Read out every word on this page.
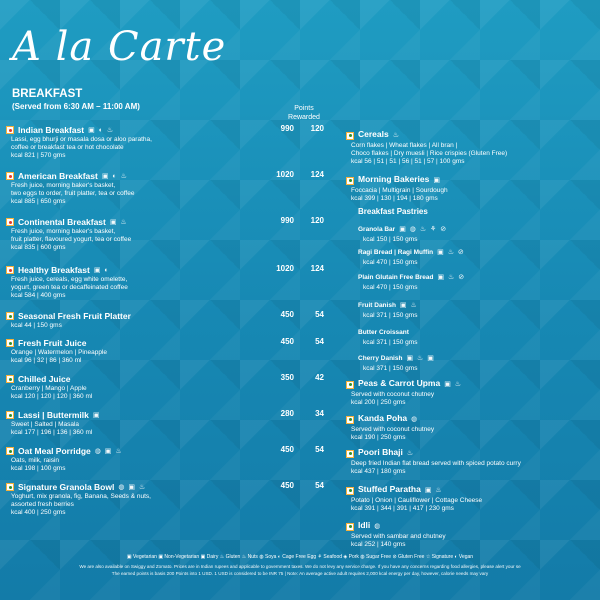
A la Carte
BREAKFAST
(Served from 6:30 AM – 11:00 AM)	Points
Rewarded
Indian Breakfast ▣ ◐ ♨
Lassi, egg bhurji or masala dosa or aloo paratha,
coffee or breakfast tea or hot chocolate
kcal 821 | 570 gms
990	120
American Breakfast ▣ ◐ ♨
Fresh juice, morning baker's basket,
two eggs to order, fruit platter, tea or coffee
kcal 885 | 650 gms
1020	124
Continental Breakfast ▣ ♨
Fresh juice, morning baker's basket,
fruit platter, flavoured yogurt, tea or coffee
kcal 835 | 600 gms
990	120
Healthy Breakfast ▣ ◐
Fresh juice, cereals, egg white omelette,
yogurt, green tea or decaffeinated coffee
kcal 584 | 400 gms
1020	124
Seasonal Fresh Fruit Platter
kcal 44 | 150 gms
450	54
Fresh Fruit Juice
Orange | Watermelon | Pineapple
kcal 96 | 32 | 86 | 360 ml
450	54
Chilled Juice
Cranberry | Mango | Apple
kcal 120 | 120 | 120 | 360 ml
350	42
Lassi | Buttermilk ▣
Sweet | Salted | Masala
kcal 177 | 196 | 136 | 360 ml
280	34
Oat Meal Porridge ◍ ▣ ♨
Oats, milk, raisin
kcal 198 | 100 gms
450	54
Signature Granola Bowl ◍ ▣ ♨
Yoghurt, mix granola, fig, Banana, Seeds & nuts,
assorted fresh berries
kcal 400 | 250 gms
450	54
Cereals ♨
Corn flakes | Wheat flakes | All bran |
Choco flakes | Dry muesli | Rice crispies (Gluten Free)
kcal 56 | 51 | 51 | 56 | 51 | 57 | 100 gms
Morning Bakeries ▣
Foccacia | Multigrain | Sourdough
kcal 399 | 130 | 194 | 180 gms
Granola Bar ▣ ◍ ♨ ⚘ ⊘
kcal 150 | 150 gms
Ragi Bread | Ragi Muffin ▣ ♨ ⊘
kcal 470 | 150 gms
Plain Glutain Free Bread ▣ ♨ ⊘
kcal 470 | 150 gms
Fruit Danish ▣ ♨
kcal 371 | 150 gms
Butter Croissant
kcal 371 | 150 gms
Cherry Danish ▣ ♨ ▣
kcal 371 | 150 gms
Peas & Carrot Upma ▣ ♨
Served with coconut chutney
kcal 200 | 250 gms
Kanda Poha ◍
Served with coconut chutney
kcal 190 | 250 gms
Poori Bhaji ♨
Deep fried Indian flat bread served with spiced potato curry
kcal 437 | 180 gms
Stuffed Paratha ▣ ♨
Potato | Onion | Cauliflower | Cottage Cheese
kcal 391 | 344 | 391 | 417 | 230 gms
Idli ◍
Served with sambar and chutney
kcal 252 | 140 gms
Breakfast Pastries
▣ Vegetarian ▣ Non-Vegetarian ▣ Dairy ♨ Gluten ♨ Nuts ◍ Soya ◐ Cage Free Egg ⚘ Seafood ◈ Pork ◍ Sugar Free ⊘ Gluten Free ☆ Signature ◐ Vegan
We are also available on Swiggy and Zomato. Prices are in Indian rupees and applicable to government taxes. We do not levy any service charge. If you have any concerns regarding food allergies, please alert your se
The earned points is basis 200 Points into 1 USD. 1 USD is considered to be INR 75 | Note: An average active adult requires 2,000 kcal energy per day, however, calorie needs may vary
